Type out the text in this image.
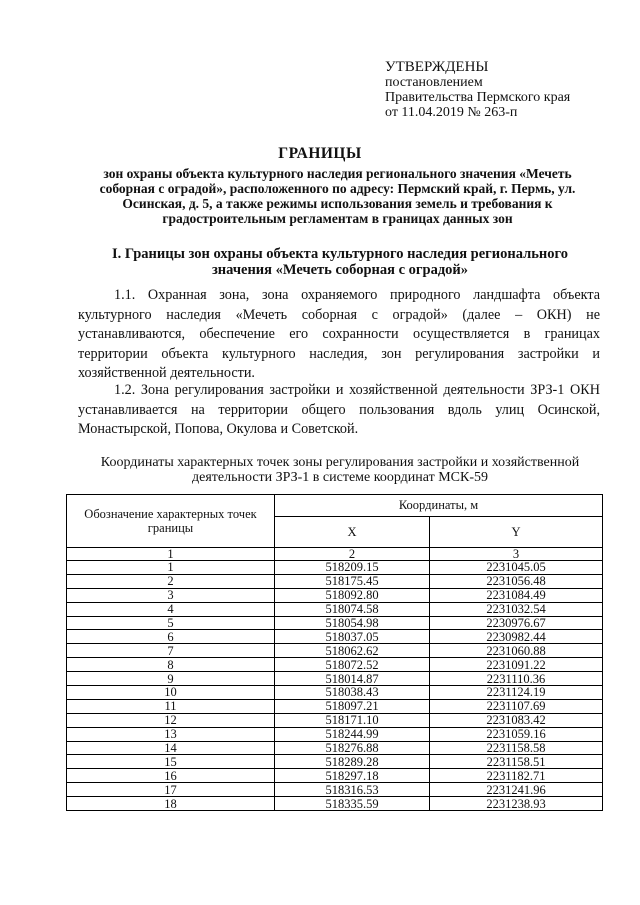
УТВЕРЖДЕНЫ
постановлением
Правительства Пермского края
от 11.04.2019 № 263-п
ГРАНИЦЫ
зон охраны объекта культурного наследия регионального значения «Мечеть соборная с оградой», расположенного по адресу: Пермский край, г. Пермь, ул. Осинская, д. 5, а также режимы использования земель и требования к градостроительным регламентам в границах данных зон
I. Границы зон охраны объекта культурного наследия регионального значения «Мечеть соборная с оградой»

1.1. Охранная зона, зона охраняемого природного ландшафта объекта культурного наследия «Мечеть соборная с оградой» (далее – ОКН) не устанавливаются, обеспечение его сохранности осуществляется в границах территории объекта культурного наследия, зон регулирования застройки и хозяйственной деятельности.

1.2. Зона регулирования застройки и хозяйственной деятельности ЗРЗ-1 ОКН устанавливается на территории общего пользования вдоль улиц Осинской, Монастырской, Попова, Окулова и Советской.

Координаты характерных точек зоны регулирования застройки и хозяйственной деятельности ЗРЗ-1 в системе координат МСК-59
Обозначение характерных точек границы	Координаты, м	
	X	Y
1	2	3
1	518209.15	2231045.05
2	518175.45	2231056.48
3	518092.80	2231084.49
4	518074.58	2231032.54
5	518054.98	2230976.67
6	518037.05	2230982.44
7	518062.62	2231060.88
8	518072.52	2231091.22
9	518014.87	2231110.36
10	518038.43	2231124.19
11	518097.21	2231107.69
12	518171.10	2231083.42
13	518244.99	2231059.16
14	518276.88	2231158.58
15	518289.28	2231158.51
16	518297.18	2231182.71
17	518316.53	2231241.96
18	518335.59	2231238.93
